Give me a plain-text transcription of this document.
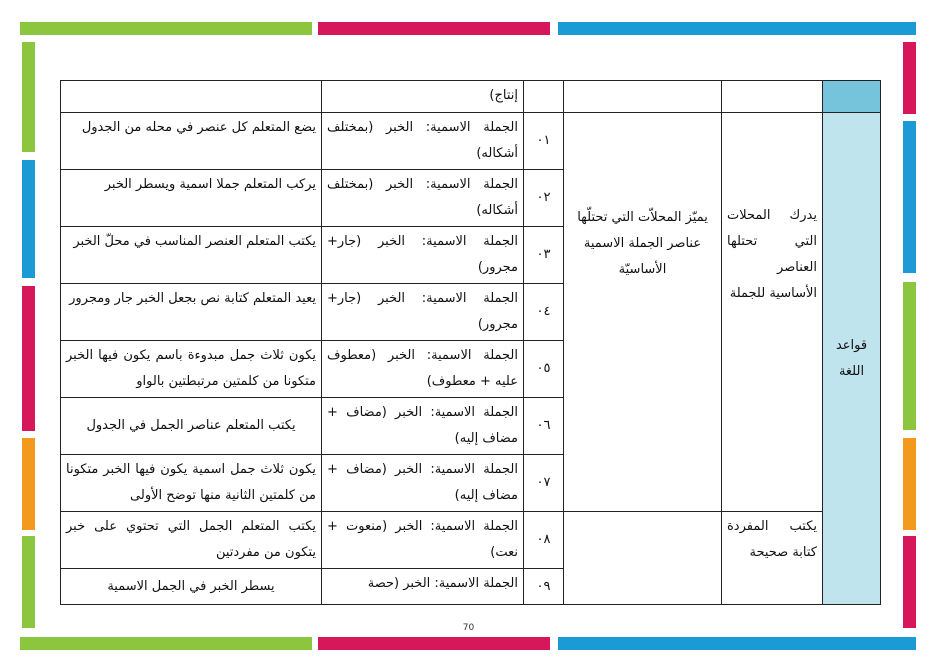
				إنتاج)	
قواعد اللغة	يدرك المحلات التي تحتلها العناصر الأساسية للجملة	يميّز المحلاّت التي تحتلّها عناصر الجملة الاسمية الأساسيّة	٠١	الجملة الاسمية: الخبر (بمختلف أشكاله)	يضع المتعلم كل عنصر في محله من الجدول
			٠٢	الجملة الاسمية: الخبر (بمختلف أشكاله)	يركب المتعلم جملا اسمية ويسطر الخبر
			٠٣	الجملة الاسمية: الخبر (جار+ مجرور)	يكتب المتعلم العنصر المناسب في محلّ الخبر
			٠٤	الجملة الاسمية: الخبر (جار+ مجرور)	يعيد المتعلم كتابة نص بجعل الخبر جار ومجرور
			٠٥	الجملة الاسمية: الخبر (معطوف عليه + معطوف)	يكون ثلاث جمل مبدوءة باسم يكون فيها الخبر متكونا من كلمتين مرتبطتين بالواو
			٠٦	الجملة الاسمية: الخبر (مضاف + مضاف إليه)	يكتب المتعلم عناصر الجمل في الجدول
			٠٧	الجملة الاسمية: الخبر (مضاف + مضاف إليه)	يكون ثلاث جمل اسمية يكون فيها الخبر متكونا من كلمتين الثانية منها توضح الأولى
	يكتب المفردة كتابة صحيحة		٠٨	الجملة الاسمية: الخبر (منعوت + نعت)	يكتب المتعلم الجمل التي تحتوي على خبر يتكون من مفردتين
			٠٩	الجملة الاسمية: الخبر (حصة	يسطر الخبر في الجمل الاسمية
70
